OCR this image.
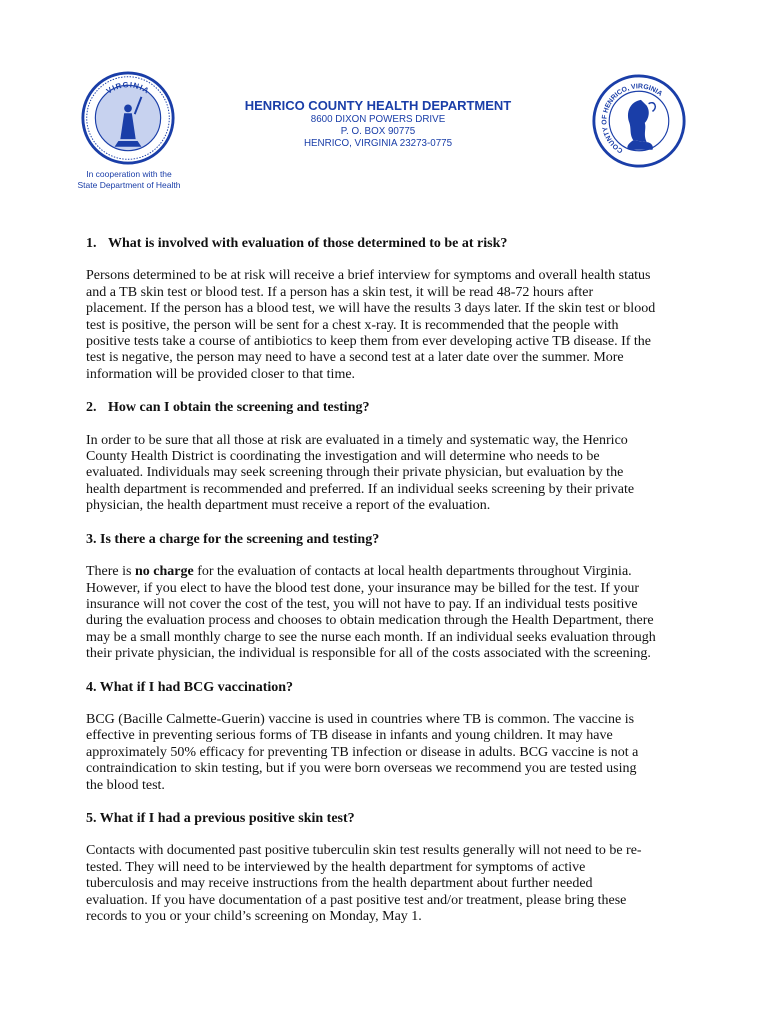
VIRGINIA
In cooperation with the
State Department of Health
HENRICO COUNTY HEALTH DEPARTMENT
8600 DIXON POWERS DRIVE
P. O. BOX 90775
HENRICO, VIRGINIA 23273-0775
COUNTY OF HENRICO, VIRGINIA
1. What is involved with evaluation of those determined to be at risk?
Persons determined to be at risk will receive a brief interview for symptoms and overall health status and a TB skin test or blood test. If a person has a skin test, it will be read 48-72 hours after placement. If the person has a blood test, we will have the results 3 days later. If the skin test or blood test is positive, the person will be sent for a chest x-ray. It is recommended that the people with positive tests take a course of antibiotics to keep them from ever developing active TB disease. If the test is negative, the person may need to have a second test at a later date over the summer. More information will be provided closer to that time.
2. How can I obtain the screening and testing?
In order to be sure that all those at risk are evaluated in a timely and systematic way, the Henrico County Health District is coordinating the investigation and will determine who needs to be evaluated. Individuals may seek screening through their private physician, but evaluation by the health department is recommended and preferred. If an individual seeks screening by their private physician, the health department must receive a report of the evaluation.
3. Is there a charge for the screening and testing?
There is no charge for the evaluation of contacts at local health departments throughout Virginia. However, if you elect to have the blood test done, your insurance may be billed for the test. If your insurance will not cover the cost of the test, you will not have to pay. If an individual tests positive during the evaluation process and chooses to obtain medication through the Health Department, there may be a small monthly charge to see the nurse each month. If an individual seeks evaluation through their private physician, the individual is responsible for all of the costs associated with the screening.
4. What if I had BCG vaccination?
BCG (Bacille Calmette-Guerin) vaccine is used in countries where TB is common. The vaccine is effective in preventing serious forms of TB disease in infants and young children. It may have approximately 50% efficacy for preventing TB infection or disease in adults. BCG vaccine is not a contraindication to skin testing, but if you were born overseas we recommend you are tested using the blood test.
5. What if I had a previous positive skin test?
Contacts with documented past positive tuberculin skin test results generally will not need to be re-tested. They will need to be interviewed by the health department for symptoms of active tuberculosis and may receive instructions from the health department about further needed evaluation. If you have documentation of a past positive test and/or treatment, please bring these records to you or your child’s screening on Monday, May 1.
